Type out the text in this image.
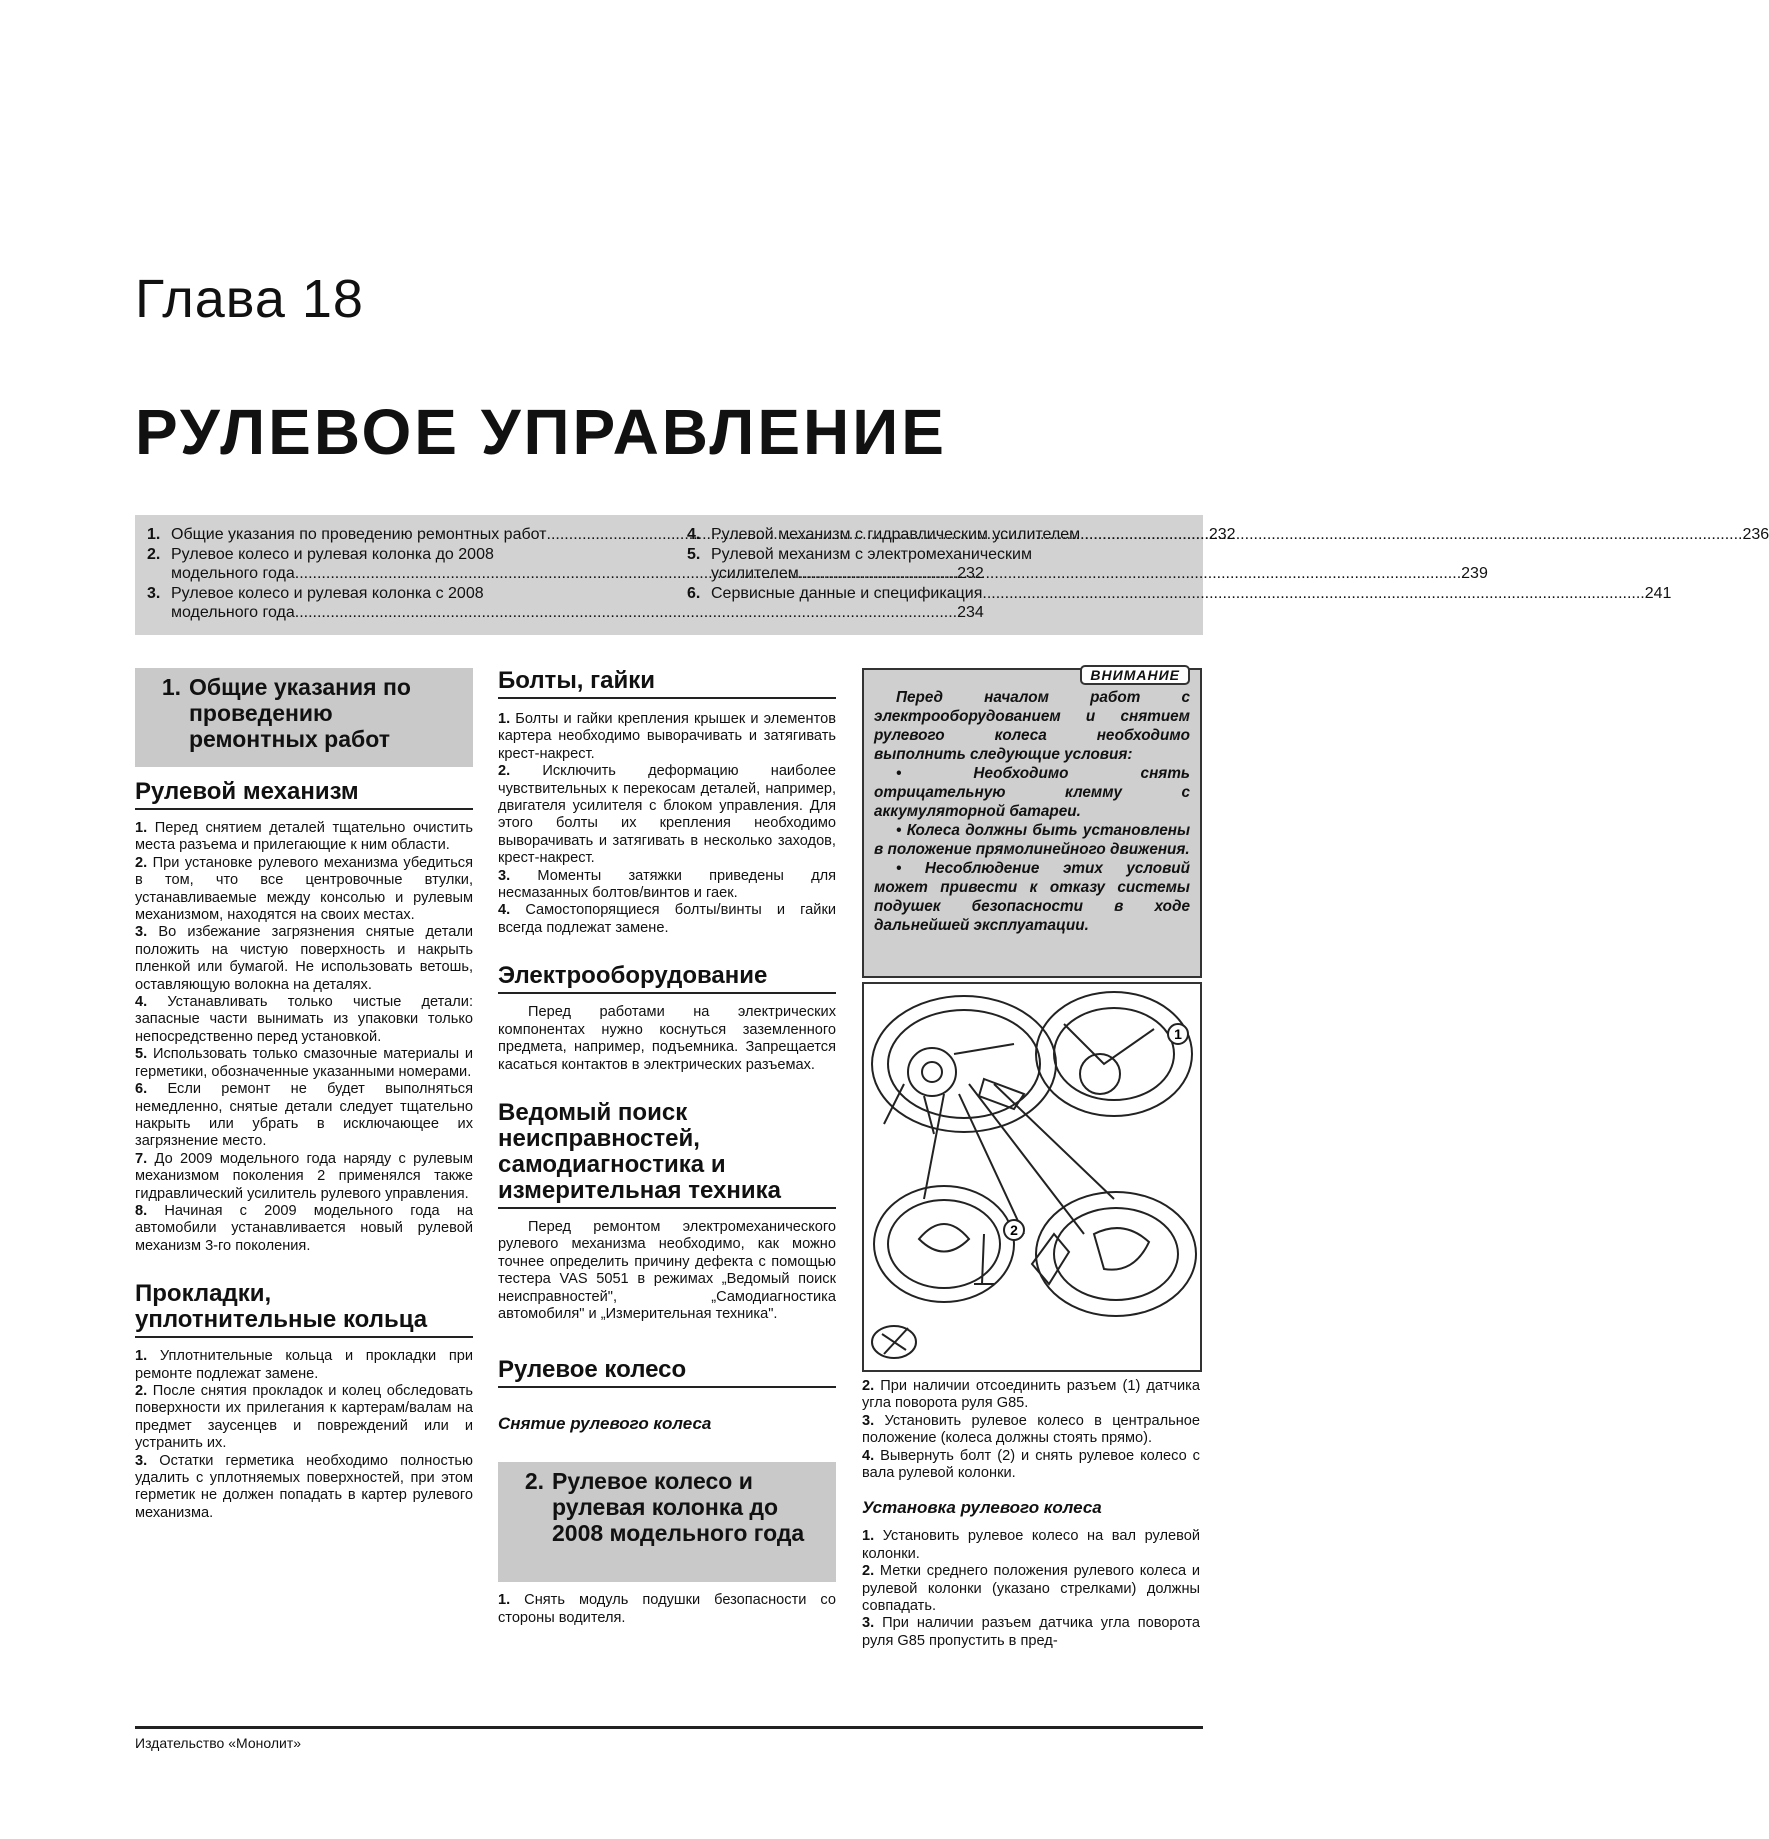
Глава 18
РУЛЕВОЕ УПРАВЛЕНИЕ
1. Общие указания по проведению ремонтных работ .....	232
2. Рулевое колесо и рулевая колонка до 2008
модельного года .....	232
3. Рулевое колесо и рулевая колонка с 2008
модельного года .....	234
4. Рулевой механизм с гидравлическим усилителем .....	236
5. Рулевой механизм с электромеханическим
усилителем .....	239
6. Сервисные данные и спецификация .....	241
1. Общие указания по проведению ремонтных работ
Рулевой механизм

1. Перед снятием деталей тщательно очистить места разъема и прилегающие к ним области.

2. При установке рулевого механизма убедиться в том, что все центровочные втулки, устанавливаемые между консолью и рулевым механизмом, находятся на своих местах.

3. Во избежание загрязнения снятые детали положить на чистую поверхность и накрыть пленкой или бумагой. Не использовать ветошь, оставляющую волокна на деталях.

4. Устанавливать только чистые детали: запасные части вынимать из упаковки только непосредственно перед установкой.

5. Использовать только смазочные материалы и герметики, обозначенные указанными номерами.

6. Если ремонт не будет выполняться немедленно, снятые детали следует тщательно накрыть или убрать в исключающее их загрязнение место.

7. До 2009 модельного года наряду с рулевым механизмом поколения 2 применялся также гидравлический усилитель рулевого управления.

8. Начиная с 2009 модельного года на автомобили устанавливается новый рулевой механизм 3-го поколения.

Прокладки, уплотнительные кольца

1. Уплотнительные кольца и прокладки при ремонте подлежат замене.

2. После снятия прокладок и колец обследовать поверхности их прилегания к картерам/валам на предмет заусенцев и повреждений или и устранить их.

3. Остатки герметика необходимо полностью удалить с уплотняемых поверхностей, при этом герметик не должен попадать в картер рулевого механизма.

Болты, гайки

1. Болты и гайки крепления крышек и элементов картера необходимо выворачивать и затягивать крест-накрест.

2. Исключить деформацию наиболее чувствительных к перекосам деталей, например, двигателя усилителя с блоком управления. Для этого болты их крепления необходимо выворачивать и затягивать в несколько заходов, крест-накрест.

3. Моменты затяжки приведены для несмазанных болтов/винтов и гаек.

4. Самостопорящиеся болты/винты и гайки всегда подлежат замене.

Электрооборудование

Перед работами на электрических компонентах нужно коснуться заземленного предмета, например, подъемника. Запрещается касаться контактов в электрических разъемах.

Ведомый поиск неисправностей, самодиагностика и измерительная техника

Перед ремонтом электромеханического рулевого механизма необходимо, как можно точнее определить причину дефекта с помощью тестера VAS 5051 в режимах „Ведомый поиск неисправностей", „Самодиагностика автомобиля" и „Измерительная техника".

Рулевое колесо

Снятие рулевого колеса

2. Рулевое колесо и рулевая колонка до 2008 модельного года

1. Снять модуль подушки безопасности со стороны водителя.

ВНИМАНИЕ

Перед началом работ с электрооборудованием и снятием рулевого колеса необходимо выполнить следующие условия:

• Необходимо снять отрицательную клемму с аккумуляторной батареи.

• Колеса должны быть установлены в положение прямолинейного движения.

• Несоблюдение этих условий может привести к отказу системы подушек безопасности в ходе дальнейшей эксплуатации.

1
2

2. При наличии отсоединить разъем (1) датчика угла поворота руля G85.

3. Установить рулевое колесо в центральное положение (колеса должны стоять прямо).

4. Вывернуть болт (2) и снять рулевое колесо с вала рулевой колонки.

Установка рулевого колеса

1. Установить рулевое колесо на вал рулевой колонки.

2. Метки среднего положения рулевого колеса и рулевой колонки (указано стрелками) должны совпадать.

3. При наличии разъем датчика угла поворота руля G85 пропустить в пред-

Издательство «Монолит»
